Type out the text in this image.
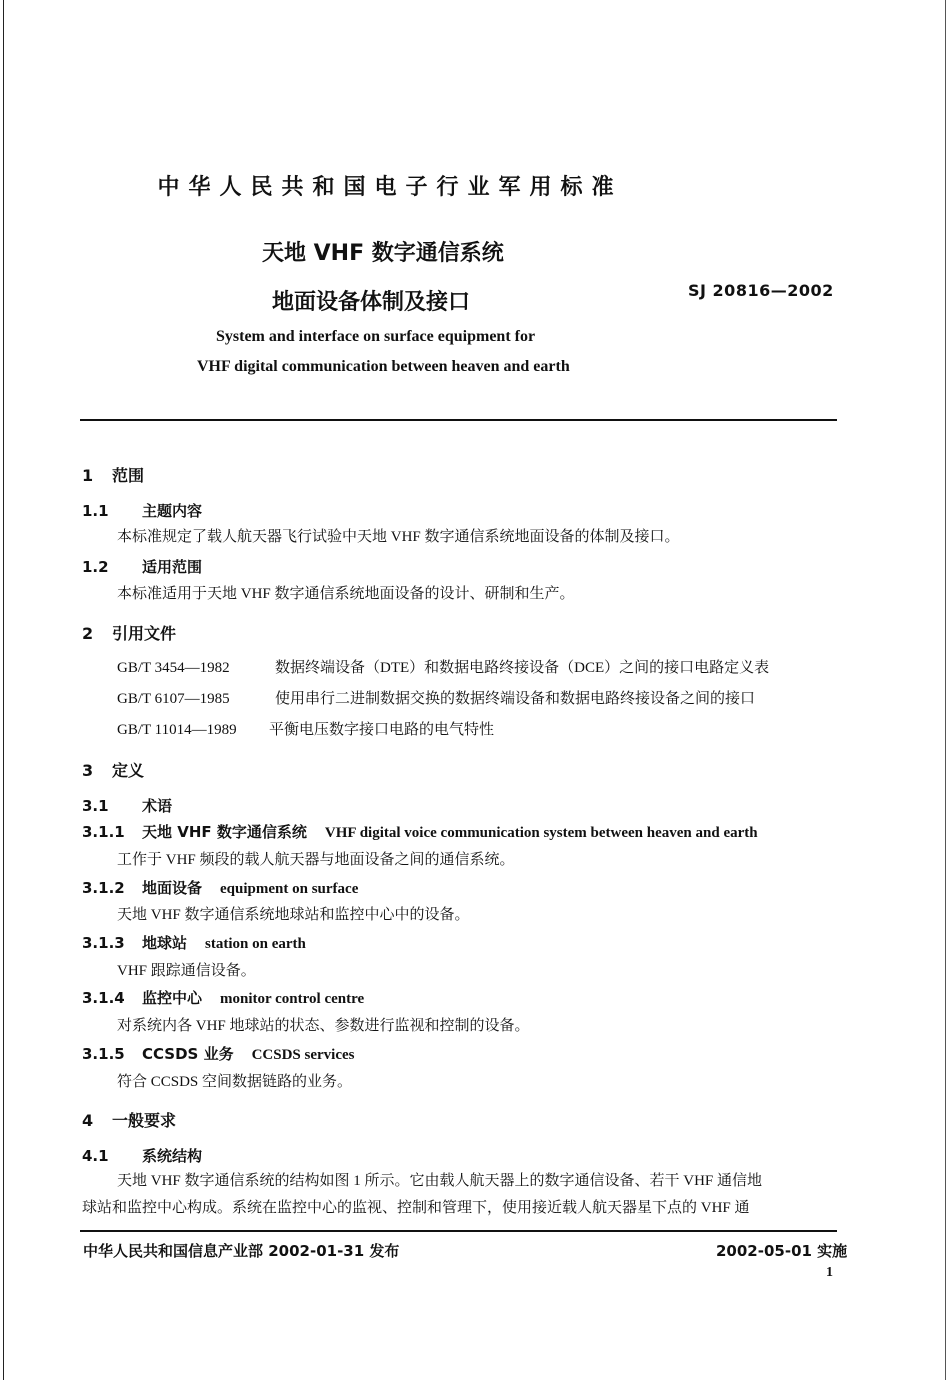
中华人民共和国电子行业军用标准
天地 VHF 数字通信系统
地面设备体制及接口	SJ 20816—2002
System and interface on surface equipment for
VHF digital communication between heaven and earth
1 范围
1.1 主题内容
本标准规定了载人航天器飞行试验中天地 VHF 数字通信系统地面设备的体制及接口。
1.2 适用范围
本标准适用于天地 VHF 数字通信系统地面设备的设计、研制和生产。
2 引用文件
GB/T 3454—1982	数据终端设备（DTE）和数据电路终接设备（DCE）之间的接口电路定义表
GB/T 6107—1985	使用串行二进制数据交换的数据终端设备和数据电路终接设备之间的接口
GB/T 11014—1989 平衡电压数字接口电路的电气特性
3 定义
3.1 术语
3.1.1 天地 VHF 数字通信系统 VHF digital voice communication system between heaven and earth
工作于 VHF 频段的载人航天器与地面设备之间的通信系统。
3.1.2 地面设备 equipment on surface
天地 VHF 数字通信系统地球站和监控中心中的设备。
3.1.3 地球站 station on earth
VHF 跟踪通信设备。
3.1.4 监控中心 monitor control centre
对系统内各 VHF 地球站的状态、参数进行监视和控制的设备。
3.1.5 CCSDS 业务 CCSDS services
符合 CCSDS 空间数据链路的业务。
4 一般要求
4.1 系统结构
天地 VHF 数字通信系统的结构如图 1 所示。它由载人航天器上的数字通信设备、若干 VHF 通信地
球站和监控中心构成。系统在监控中心的监视、控制和管理下，使用接近载人航天器星下点的 VHF 通
中华人民共和国信息产业部 2002-01-31 发布	2002-05-01 实施
1
